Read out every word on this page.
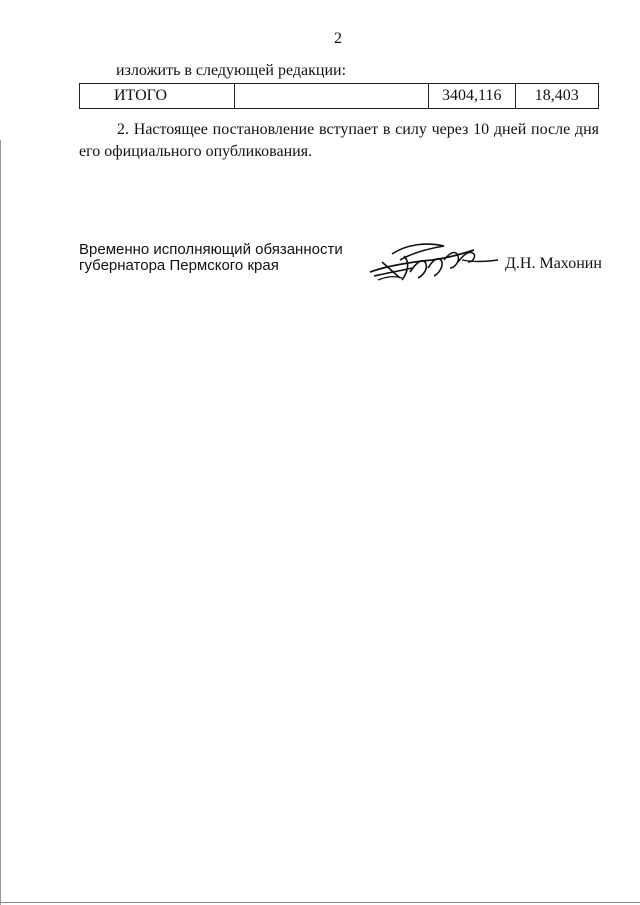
2
изложить в следующей редакции:
ИТОГО		3404,116	18,403
2. Настоящее постановление вступает в силу через 10 дней после дня его официального опубликования.
Временно исполняющий обязанности
губернатора Пермского края	Д.Н. Махонин
